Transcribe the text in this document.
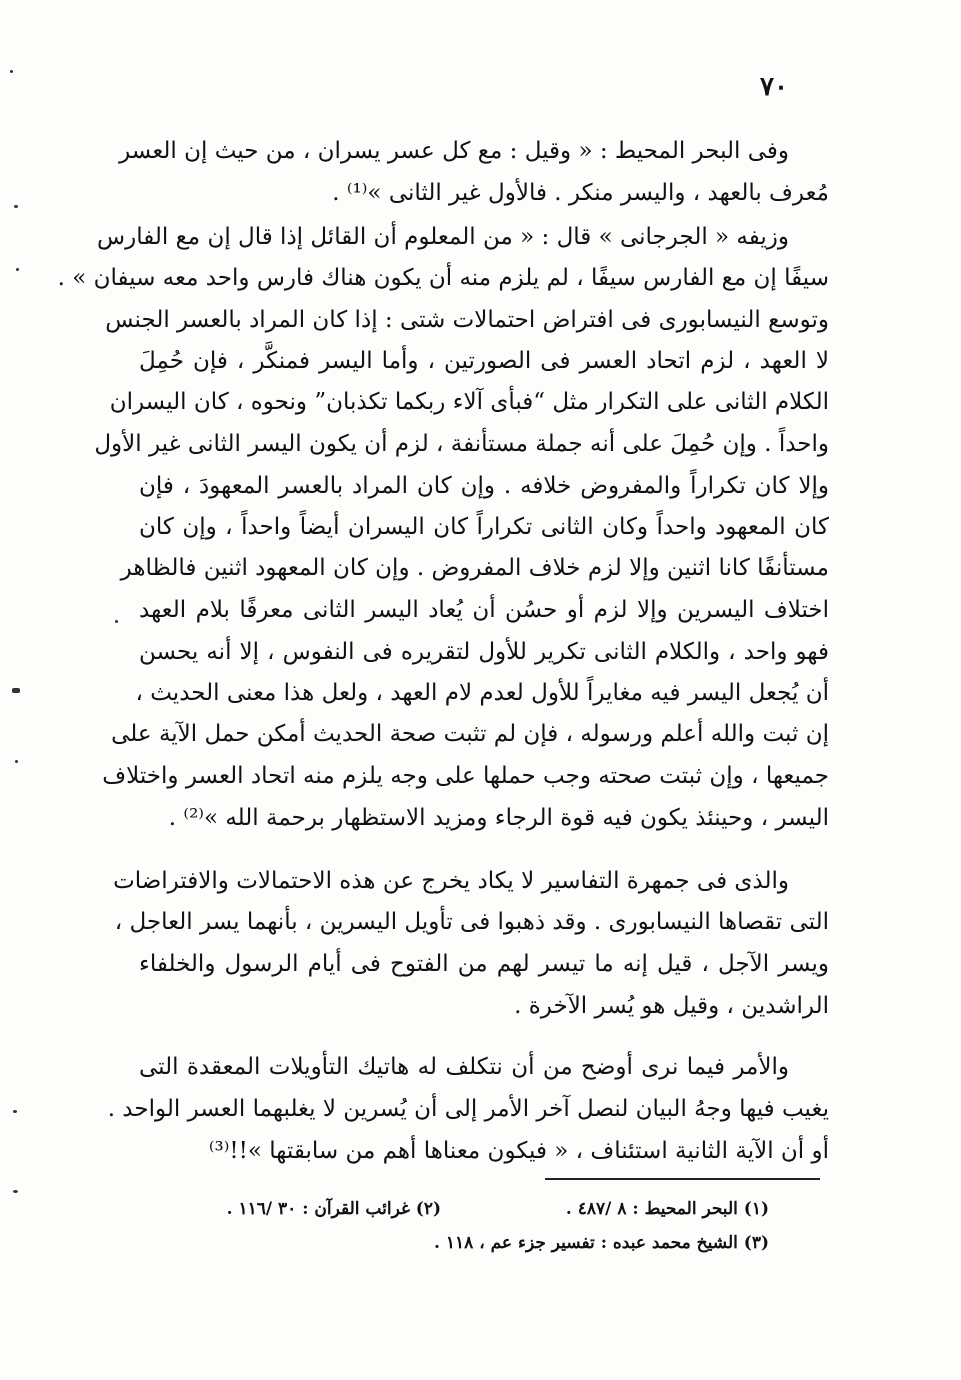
٧٠
وفى البحر المحيط : « وقيل : مع كل عسر يسران ، من حيث إن العسر
مُعرف بالعهد ، واليسر منكر . فالأول غير الثانى »⁽¹⁾ .
وزيفه « الجرجانى » قال : « من المعلوم أن القائل إذا قال إن مع الفارس
سيفًا إن مع الفارس سيفًا ، لم يلزم منه أن يكون هناك فارس واحد معه سيفان » .
وتوسع النيسابورى فى افتراض احتمالات شتى : إذا كان المراد بالعسر الجنس
لا العهد ، لزم اتحاد العسر فى الصورتين ، وأما اليسر فمنكَّر ، فإن حُمِلَ
الكلام الثانى على التكرار مثل “فبأى آلاء ربكما تكذبان” ونحوه ، كان اليسران
واحداً . وإن حُمِلَ على أنه جملة مستأنفة ، لزم أن يكون اليسر الثانى غير الأول
وإلا كان تكراراً والمفروض خلافه . وإن كان المراد بالعسر المعهودَ ، فإن
كان المعهود واحداً وكان الثانى تكراراً كان اليسران أيضاً واحداً ، وإن كان
مستأنفًا كانا اثنين وإلا لزم خلاف المفروض . وإن كان المعهود اثنين فالظاهر
اختلاف اليسرين وإلا لزم أو حسُن أن يُعاد اليسر الثانى معرفًا بلام العهد
فهو واحد ، والكلام الثانى تكرير للأول لتقريره فى النفوس ، إلا أنه يحسن
أن يُجعل اليسر فيه مغايراً للأول لعدم لام العهد ، ولعل هذا معنى الحديث ،
إن ثبت والله أعلم ورسوله ، فإن لم تثبت صحة الحديث أمكن حمل الآية على
جميعها ، وإن ثبتت صحته وجب حملها على وجه يلزم منه اتحاد العسر واختلاف
اليسر ، وحينئذ يكون فيه قوة الرجاء ومزيد الاستظهار برحمة الله »⁽²⁾ .
والذى فى جمهرة التفاسير لا يكاد يخرج عن هذه الاحتمالات والافتراضات
التى تقصاها النيسابورى . وقد ذهبوا فى تأويل اليسرين ، بأنهما يسر العاجل ،
ويسر الآجل ، قيل إنه ما تيسر لهم من الفتوح فى أيام الرسول والخلفاء
الراشدين ، وقيل هو يُسر الآخرة .
والأمر فيما نرى أوضح من أن نتكلف له هاتيك التأويلات المعقدة التى
يغيب فيها وجهُ البيان لنصل آخر الأمر إلى أن يُسرين لا يغلبهما العسر الواحد .
أو أن الآية الثانية استئناف ، « فيكون معناها أهم من سابقتها »!!⁽³⁾
(١) البحر المحيط : ٨ /٤٨٧ .
(٢) غرائب القرآن : ٣٠ /١١٦ .
(٣) الشيخ محمد عبده : تفسير جزء عم ، ١١٨ .
